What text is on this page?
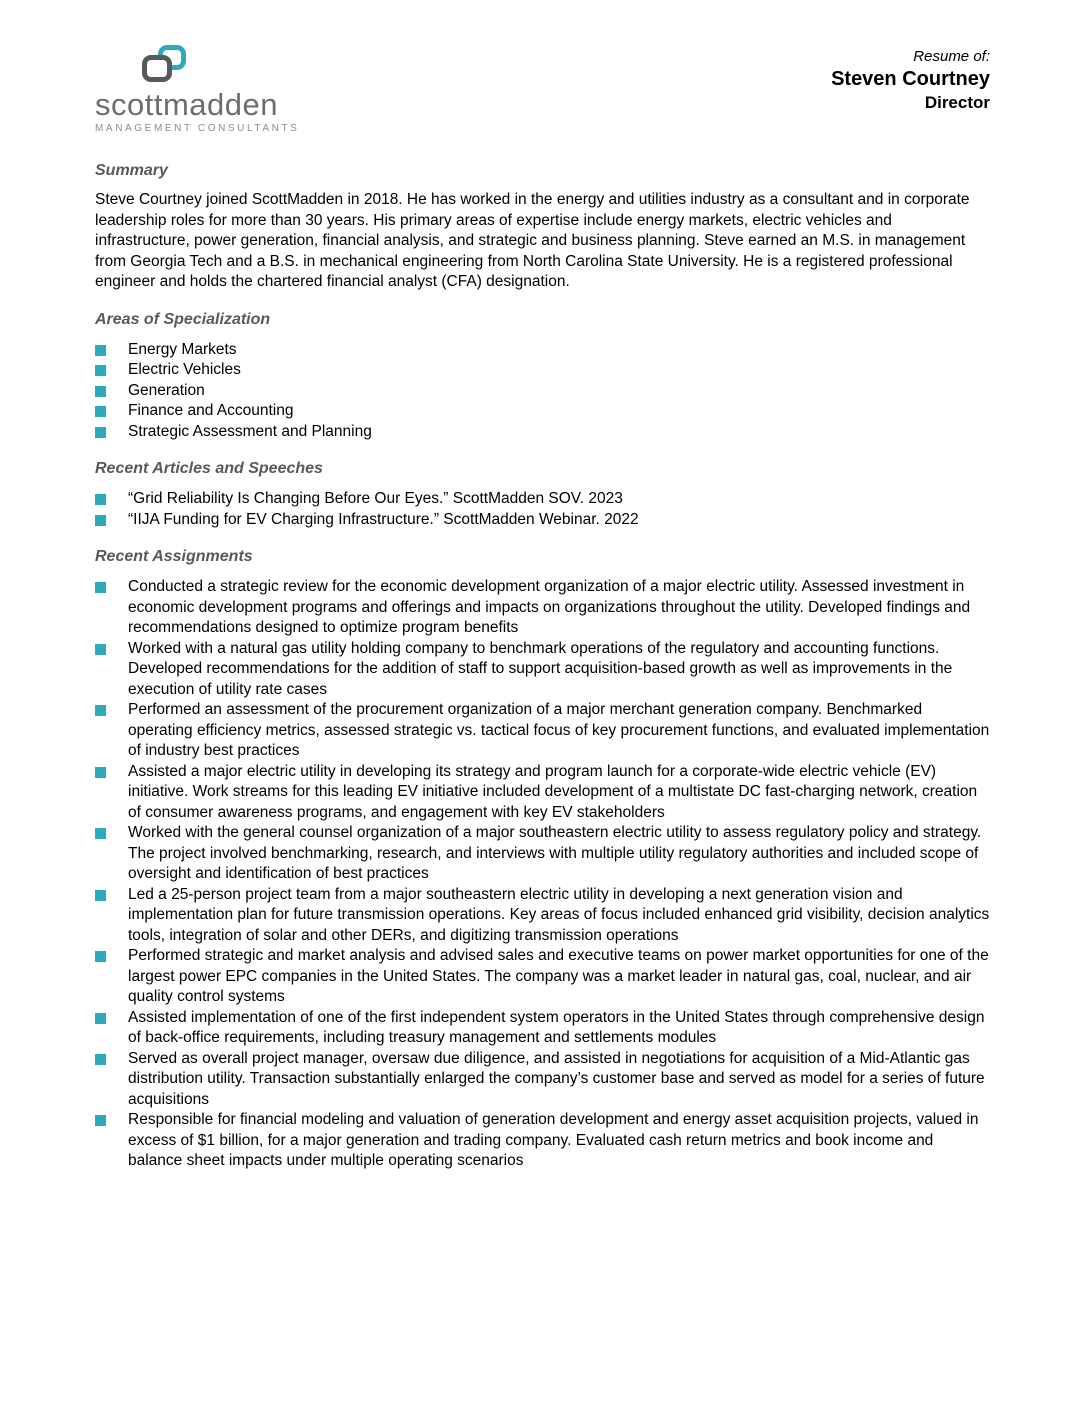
scottmadden
MANAGEMENT CONSULTANTS
Resume of:
Steven Courtney
Director
Summary

Steve Courtney joined ScottMadden in 2018. He has worked in the energy and utilities industry as a consultant and in corporate leadership roles for more than 30 years. His primary areas of expertise include energy markets, electric vehicles and infrastructure, power generation, financial analysis, and strategic and business planning. Steve earned an M.S. in management from Georgia Tech and a B.S. in mechanical engineering from North Carolina State University. He is a registered professional engineer and holds the chartered financial analyst (CFA) designation.

Areas of Specialization
Energy Markets
Electric Vehicles
Generation
Finance and Accounting
Strategic Assessment and Planning
Recent Articles and Speeches
“Grid Reliability Is Changing Before Our Eyes.” ScottMadden SOV. 2023
“IIJA Funding for EV Charging Infrastructure.” ScottMadden Webinar. 2022
Recent Assignments
Conducted a strategic review for the economic development organization of a major electric utility. Assessed investment in economic development programs and offerings and impacts on organizations throughout the utility. Developed findings and recommendations designed to optimize program benefits
Worked with a natural gas utility holding company to benchmark operations of the regulatory and accounting functions. Developed recommendations for the addition of staff to support acquisition-based growth as well as improvements in the execution of utility rate cases
Performed an assessment of the procurement organization of a major merchant generation company. Benchmarked operating efficiency metrics, assessed strategic vs. tactical focus of key procurement functions, and evaluated implementation of industry best practices
Assisted a major electric utility in developing its strategy and program launch for a corporate-wide electric vehicle (EV) initiative. Work streams for this leading EV initiative included development of a multistate DC fast-charging network, creation of consumer awareness programs, and engagement with key EV stakeholders
Worked with the general counsel organization of a major southeastern electric utility to assess regulatory policy and strategy. The project involved benchmarking, research, and interviews with multiple utility regulatory authorities and included scope of oversight and identification of best practices
Led a 25-person project team from a major southeastern electric utility in developing a next generation vision and implementation plan for future transmission operations. Key areas of focus included enhanced grid visibility, decision analytics tools, integration of solar and other DERs, and digitizing transmission operations
Performed strategic and market analysis and advised sales and executive teams on power market opportunities for one of the largest power EPC companies in the United States. The company was a market leader in natural gas, coal, nuclear, and air quality control systems
Assisted implementation of one of the first independent system operators in the United States through comprehensive design of back-office requirements, including treasury management and settlements modules
Served as overall project manager, oversaw due diligence, and assisted in negotiations for acquisition of a Mid-Atlantic gas distribution utility. Transaction substantially enlarged the company’s customer base and served as model for a series of future acquisitions
Responsible for financial modeling and valuation of generation development and energy asset acquisition projects, valued in excess of $1 billion, for a major generation and trading company. Evaluated cash return metrics and book income and balance sheet impacts under multiple operating scenarios
